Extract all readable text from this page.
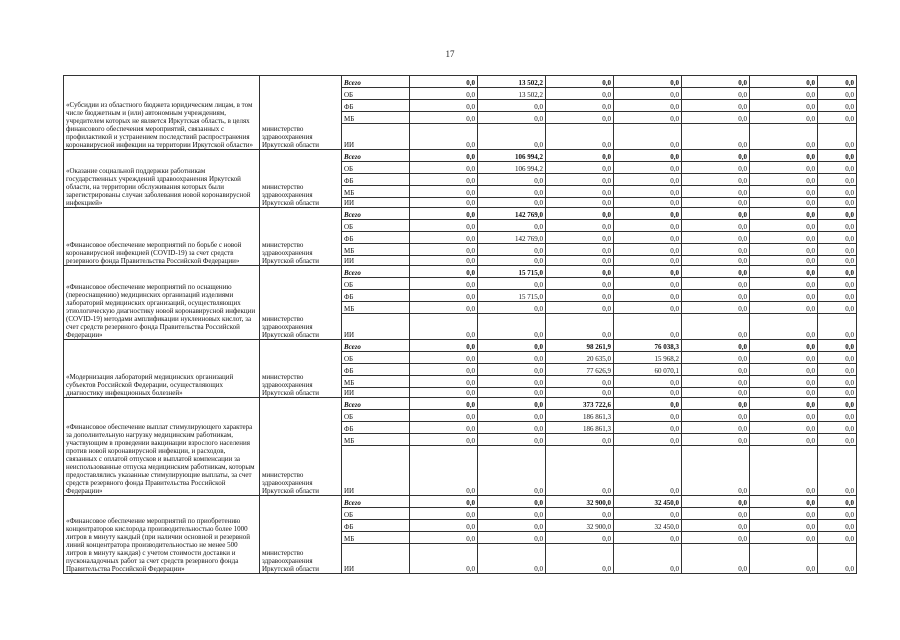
17
«Субсидии из областного бюджета юридическим лицам, в том числе бюджетным и (или) автономным учреждениям, учредителем которых не является Иркутская область, в целях финансового обеспечения мероприятий, связанных с профилактикой и устранением последствий распространения коронавирусной инфекции на территории Иркутской области»	министерство здравоохранения Иркутской области	Всего	0,0	13 502,2	0,0	0,0	0,0	0,0	0,0
		ОБ	0,0	13 502,2	0,0	0,0	0,0	0,0	0,0
		ФБ	0,0	0,0	0,0	0,0	0,0	0,0	0,0
		МБ	0,0	0,0	0,0	0,0	0,0	0,0	0,0
		ИИ	0,0	0,0	0,0	0,0	0,0	0,0	0,0
«Оказание социальной поддержки работникам государственных учреждений здравоохранения Иркутской области, на территории обслуживания которых были зарегистрированы случаи заболевания новой коронавирусной инфекцией»	министерство здравоохранения Иркутской области	Всего	0,0	106 994,2	0,0	0,0	0,0	0,0	0,0
		ОБ	0,0	106 994,2	0,0	0,0	0,0	0,0	0,0
		ФБ	0,0	0,0	0,0	0,0	0,0	0,0	0,0
		МБ	0,0	0,0	0,0	0,0	0,0	0,0	0,0
		ИИ	0,0	0,0	0,0	0,0	0,0	0,0	0,0
«Финансовое обеспечение мероприятий по борьбе с новой коронавирусной инфекцией (COVID-19) за счет средств резервного фонда Правительства Российской Федерации»	министерство здравоохранения Иркутской области	Всего	0,0	142 769,0	0,0	0,0	0,0	0,0	0,0
		ОБ	0,0	0,0	0,0	0,0	0,0	0,0	0,0
		ФБ	0,0	142 769,0	0,0	0,0	0,0	0,0	0,0
		МБ	0,0	0,0	0,0	0,0	0,0	0,0	0,0
		ИИ	0,0	0,0	0,0	0,0	0,0	0,0	0,0
«Финансовое обеспечение мероприятий по оснащению (переоснащению) медицинских организаций изделиями лабораторий медицинских организаций, осуществляющих этиологическую диагностику новой коронавирусной инфекции (COVID-19) методами амплификации нуклеиновых кислот, за счет средств резервного фонда Правительства Российской Федерации»	министерство здравоохранения Иркутской области	Всего	0,0	15 715,0	0,0	0,0	0,0	0,0	0,0
		ОБ	0,0	0,0	0,0	0,0	0,0	0,0	0,0
		ФБ	0,0	15 715,0	0,0	0,0	0,0	0,0	0,0
		МБ	0,0	0,0	0,0	0,0	0,0	0,0	0,0
		ИИ	0,0	0,0	0,0	0,0	0,0	0,0	0,0
«Модернизация лабораторий медицинских организаций субъектов Российской Федерации, осуществляющих диагностику инфекционных болезней»	министерство здравоохранения Иркутской области	Всего	0,0	0,0	98 261,9	76 038,3	0,0	0,0	0,0
		ОБ	0,0	0,0	20 635,0	15 968,2	0,0	0,0	0,0
		ФБ	0,0	0,0	77 626,9	60 070,1	0,0	0,0	0,0
		МБ	0,0	0,0	0,0	0,0	0,0	0,0	0,0
		ИИ	0,0	0,0	0,0	0,0	0,0	0,0	0,0
«Финансовое обеспечение выплат стимулирующего характера за дополнительную нагрузку медицинским работникам, участвующим в проведении вакцинации взрослого населения против новой коронавирусной инфекции, и расходов, связанных с оплатой отпусков и выплатой компенсации за неиспользованные отпуска медицинским работникам, которым предоставлялись указанные стимулирующие выплаты, за счет средств резервного фонда Правительства Российской Федерации»	министерство здравоохранения Иркутской области	Всего	0,0	0,0	373 722,6	0,0	0,0	0,0	0,0
		ОБ	0,0	0,0	186 861,3	0,0	0,0	0,0	0,0
		ФБ	0,0	0,0	186 861,3	0,0	0,0	0,0	0,0
		МБ	0,0	0,0	0,0	0,0	0,0	0,0	0,0
		ИИ	0,0	0,0	0,0	0,0	0,0	0,0	0,0
«Финансовое обеспечение мероприятий по приобретению концентраторов кислорода производительностью более 1000 литров в минуту каждый (при наличии основной и резервной линий концентратора производительностью не менее 500 литров в минуту каждая) с учетом стоимости доставки и пусконаладочных работ за счет средств резервного фонда Правительства Российской Федерации»	министерство здравоохранения Иркутской области	Всего	0,0	0,0	32 900,0	32 450,0	0,0	0,0	0,0
		ОБ	0,0	0,0	0,0	0,0	0,0	0,0	0,0
		ФБ	0,0	0,0	32 900,0	32 450,0	0,0	0,0	0,0
		МБ	0,0	0,0	0,0	0,0	0,0	0,0	0,0
		ИИ	0,0	0,0	0,0	0,0	0,0	0,0	0,0
